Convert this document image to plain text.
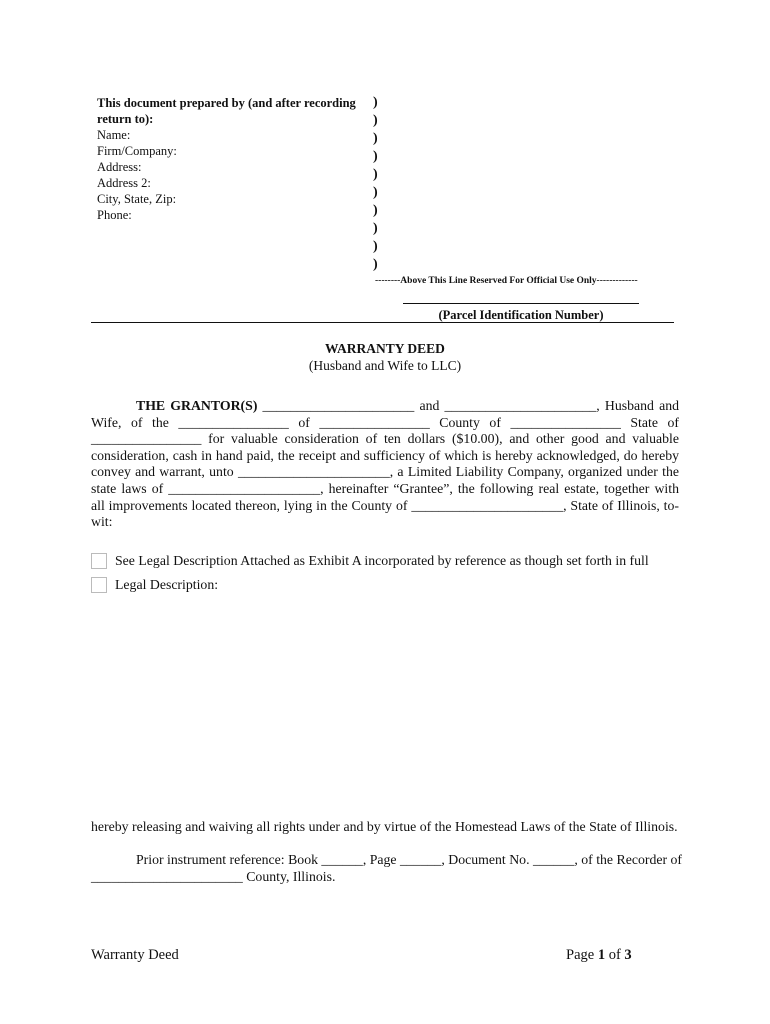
This document prepared by (and after recording
return to):
Name:
Firm/Company:
Address:
Address 2:
City, State, Zip:
Phone:
)
)
)
)
)
)
)
)
)
)
--------Above This Line Reserved For Official Use Only-------------
(Parcel Identification Number)
WARRANTY DEED
(Husband and Wife to LLC)
THE GRANTOR(S) ______________________ and ______________________, Husband and
Wife, of the ________________ of ________________ County of ________________ State of
________________ for valuable consideration of ten dollars ($10.00), and other good and valuable
consideration, cash in hand paid, the receipt and sufficiency of which is hereby acknowledged, do hereby
convey and warrant, unto ______________________, a Limited Liability Company, organized under the
state laws of ______________________, hereinafter “Grantee”, the following real estate, together with
all improvements located thereon, lying in the County of ______________________, State of Illinois, to-
wit:
See Legal Description Attached as Exhibit A incorporated by reference as though set forth in full
Legal Description:
hereby releasing and waiving all rights under and by virtue of the Homestead Laws of the State of Illinois.
Prior instrument reference: Book ______, Page ______, Document No. ______, of the Recorder of
______________________ County, Illinois.
Warranty Deed	Page 1 of 3
